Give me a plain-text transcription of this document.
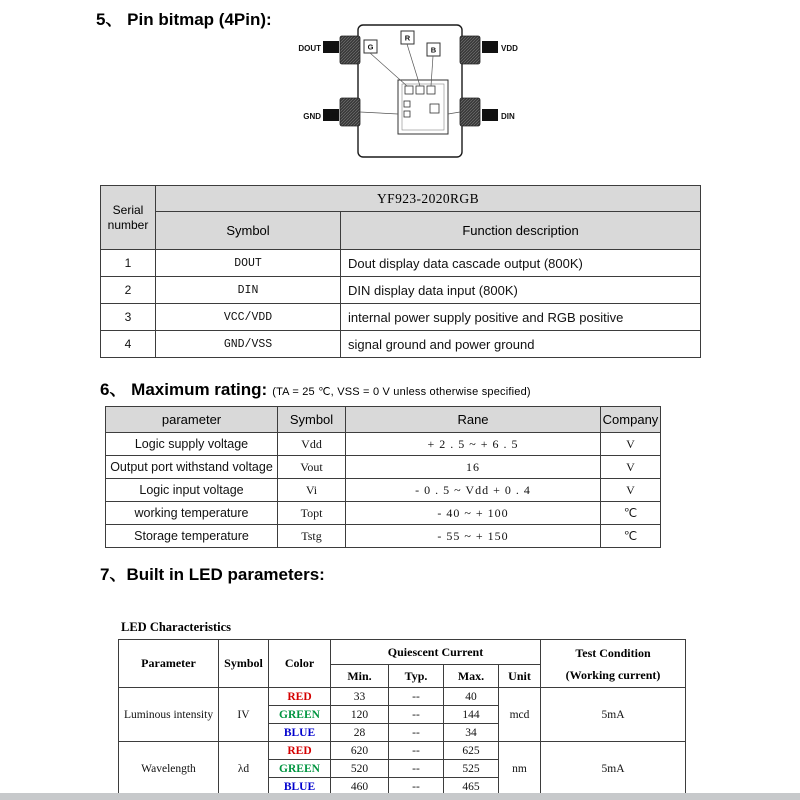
5、 Pin bitmap (4Pin):
G
R
B
DOUT 输出	正极 VDD
GND 负极	输入 DIN
Serial number	YF923-2020RGB	
	Symbol	Function description
1	DOUT	Dout display data cascade output (800K)
2	DIN	DIN display data input (800K)
3	VCC/VDD	internal power supply positive and RGB positive
4	GND/VSS	signal ground and power ground
6、 Maximum rating: (TA = 25 ℃, VSS = 0 V unless otherwise specified)
parameter	Symbol	Rane	Company
Logic supply voltage	Vdd	+ 2 . 5 ~ + 6 . 5	V
Output port withstand voltage	Vout	16	V
Logic input voltage	Vi	- 0 . 5 ~ Vdd + 0 . 4	V
working temperature	Topt	- 40 ~ + 100	℃
Storage temperature	Tstg	- 55 ~ + 150	℃
7、Built in LED parameters:
LED Characteristics
Parameter	Symbol	Color	Quiescent Current				Test Condition
(Working current)

			Min.	Typ.	Max.	Unit	
Luminous intensity	IV	RED	33	--	40	mcd	5mA
		GREEN	120	--	144		
		BLUE	28	--	34		
Wavelength	λd	RED	620	--	625	nm	5mA
		GREEN	520	--	525		
		BLUE	460	--	465		
